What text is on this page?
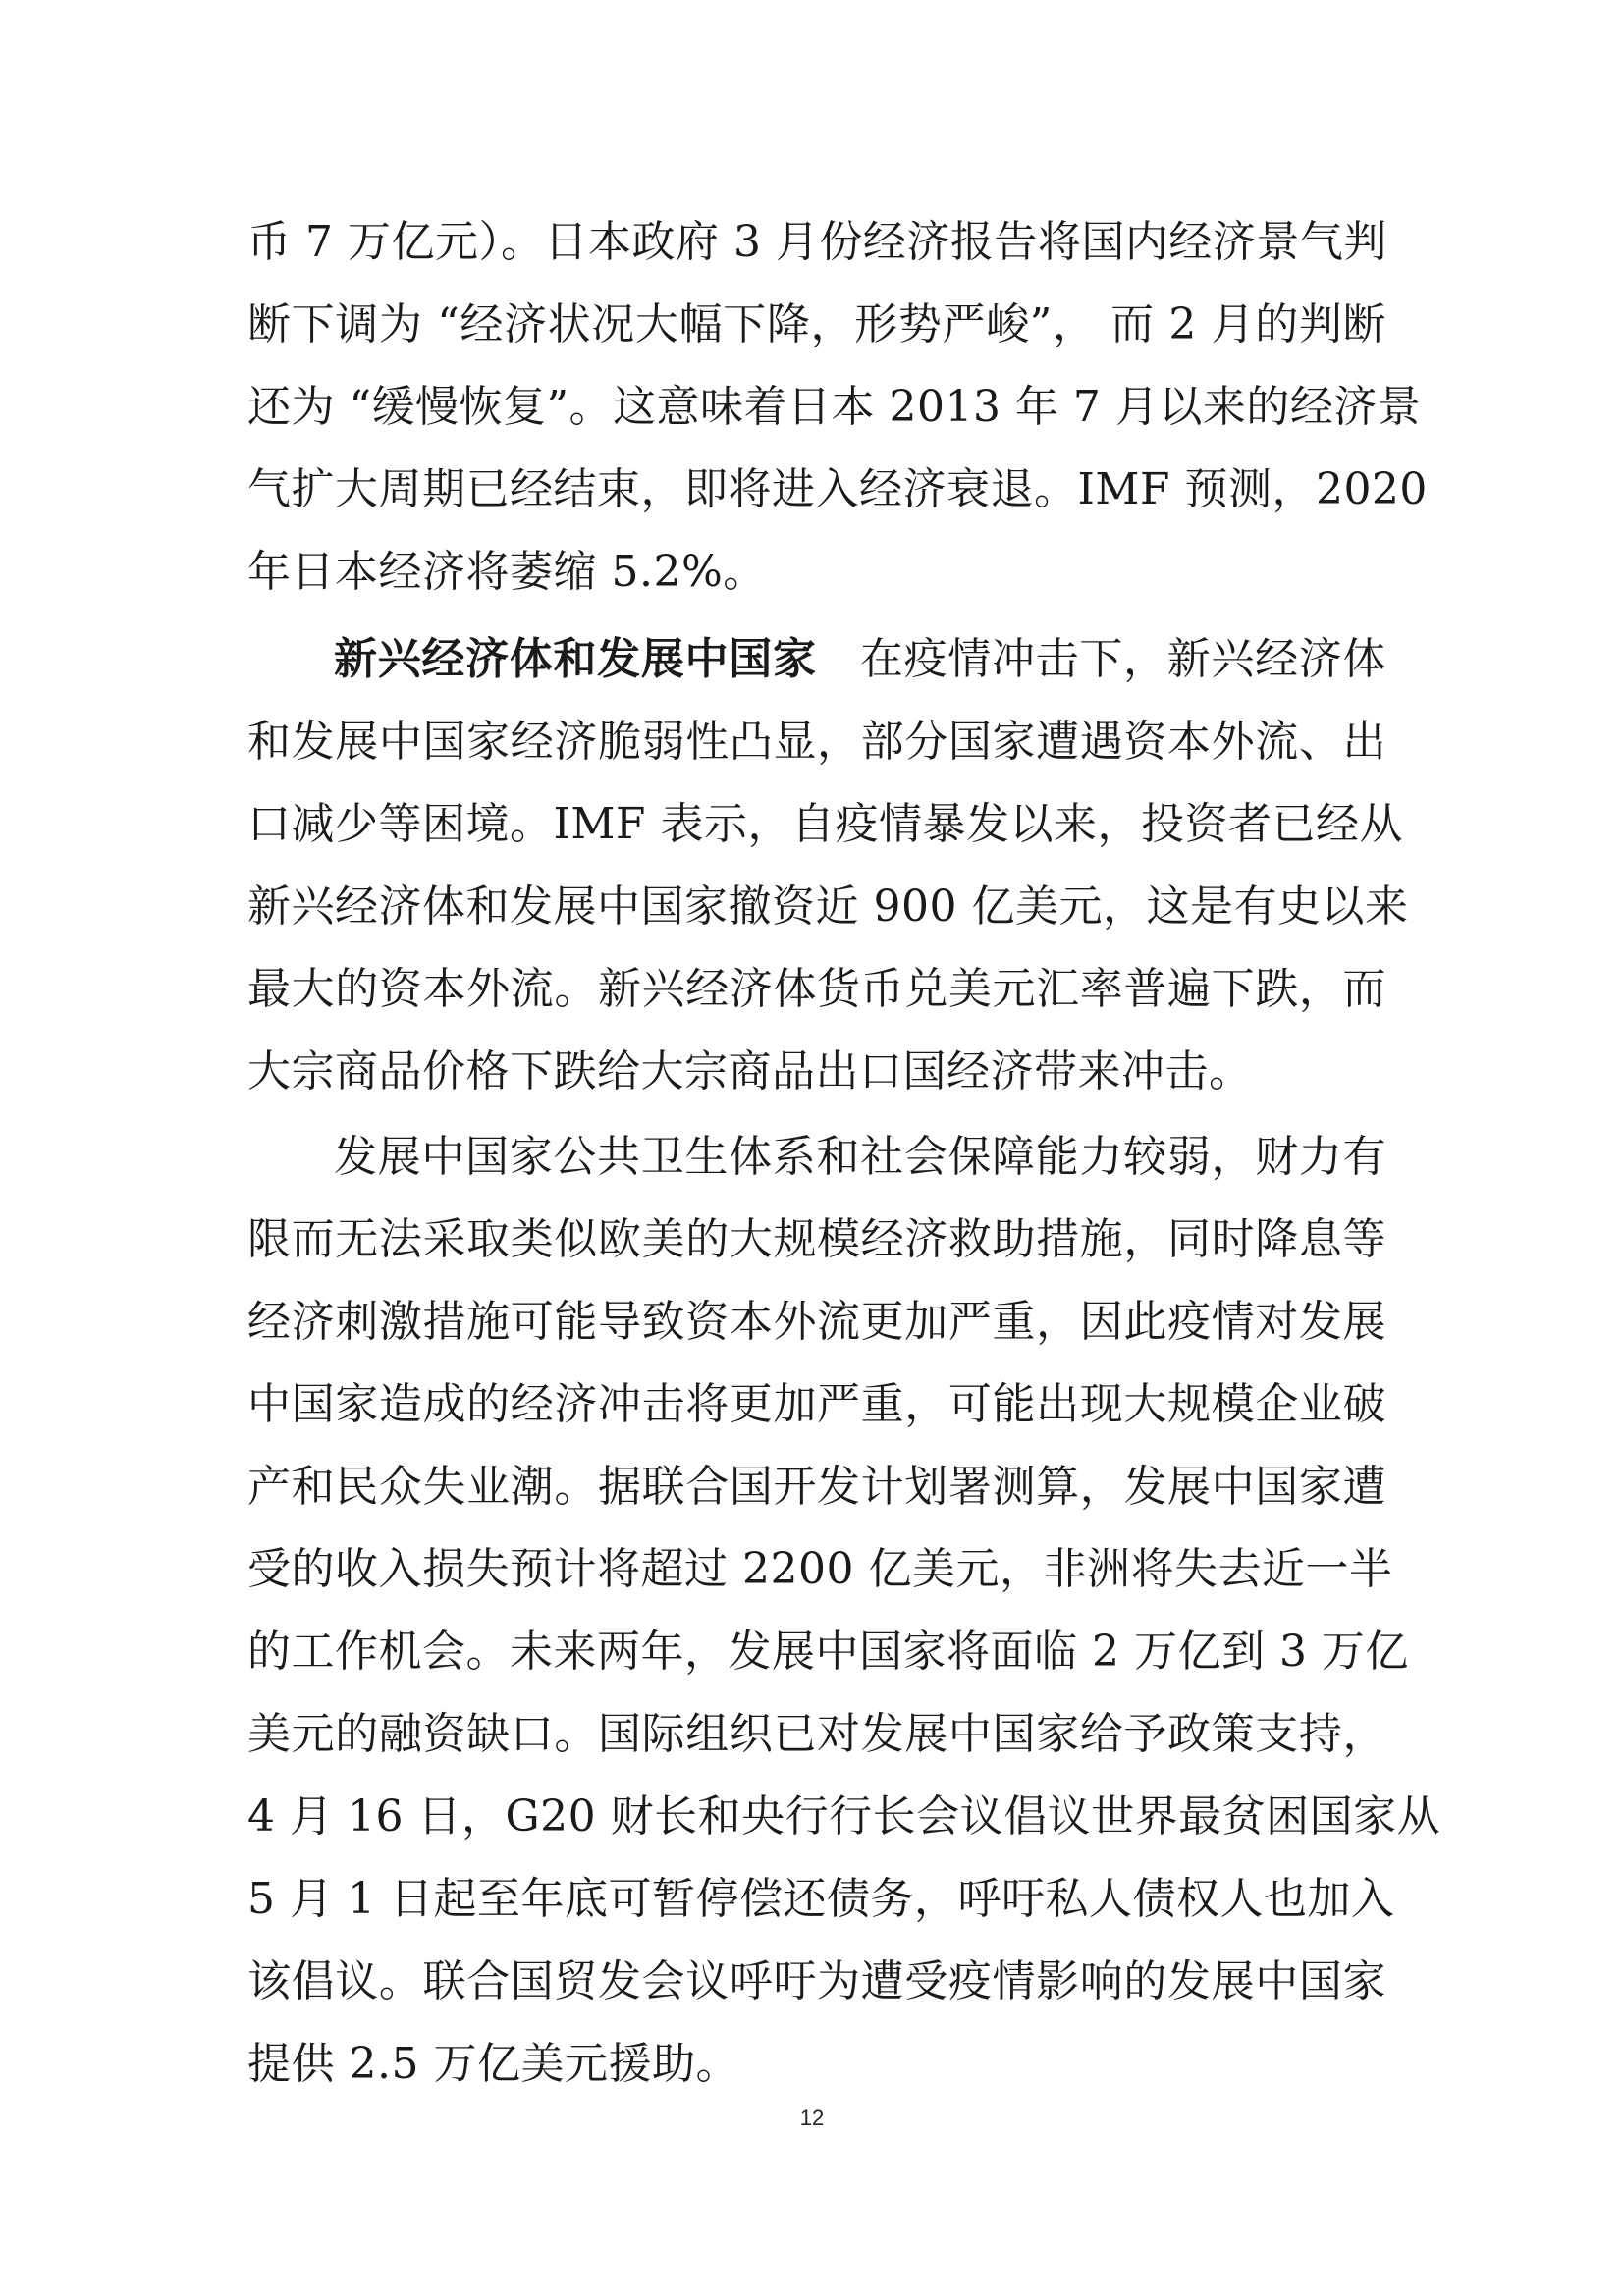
币 7 万亿元）。日本政府 3 月份经济报告将国内经济景气判
断下调为 “经济状况大幅下降，形势严峻”， 而 2 月的判断
还为 “缓慢恢复”。这意味着日本 2013 年 7 月以来的经济景
气扩大周期已经结束，即将进入经济衰退。IMF 预测，2020
年日本经济将萎缩 5.2%。
新兴经济体和发展中国家 在疫情冲击下，新兴经济体
和发展中国家经济脆弱性凸显，部分国家遭遇资本外流、出
口减少等困境。IMF 表示，自疫情暴发以来，投资者已经从
新兴经济体和发展中国家撤资近 900 亿美元，这是有史以来
最大的资本外流。新兴经济体货币兑美元汇率普遍下跌，而
大宗商品价格下跌给大宗商品出口国经济带来冲击。
发展中国家公共卫生体系和社会保障能力较弱，财力有
限而无法采取类似欧美的大规模经济救助措施，同时降息等
经济刺激措施可能导致资本外流更加严重，因此疫情对发展
中国家造成的经济冲击将更加严重，可能出现大规模企业破
产和民众失业潮。据联合国开发计划署测算，发展中国家遭
受的收入损失预计将超过 2200 亿美元，非洲将失去近一半
的工作机会。未来两年，发展中国家将面临 2 万亿到 3 万亿
美元的融资缺口。国际组织已对发展中国家给予政策支持，
4 月 16 日，G20 财长和央行行长会议倡议世界最贫困国家从
5 月 1 日起至年底可暂停偿还债务，呼吁私人债权人也加入
该倡议。联合国贸发会议呼吁为遭受疫情影响的发展中国家
提供 2.5 万亿美元援助。
12
